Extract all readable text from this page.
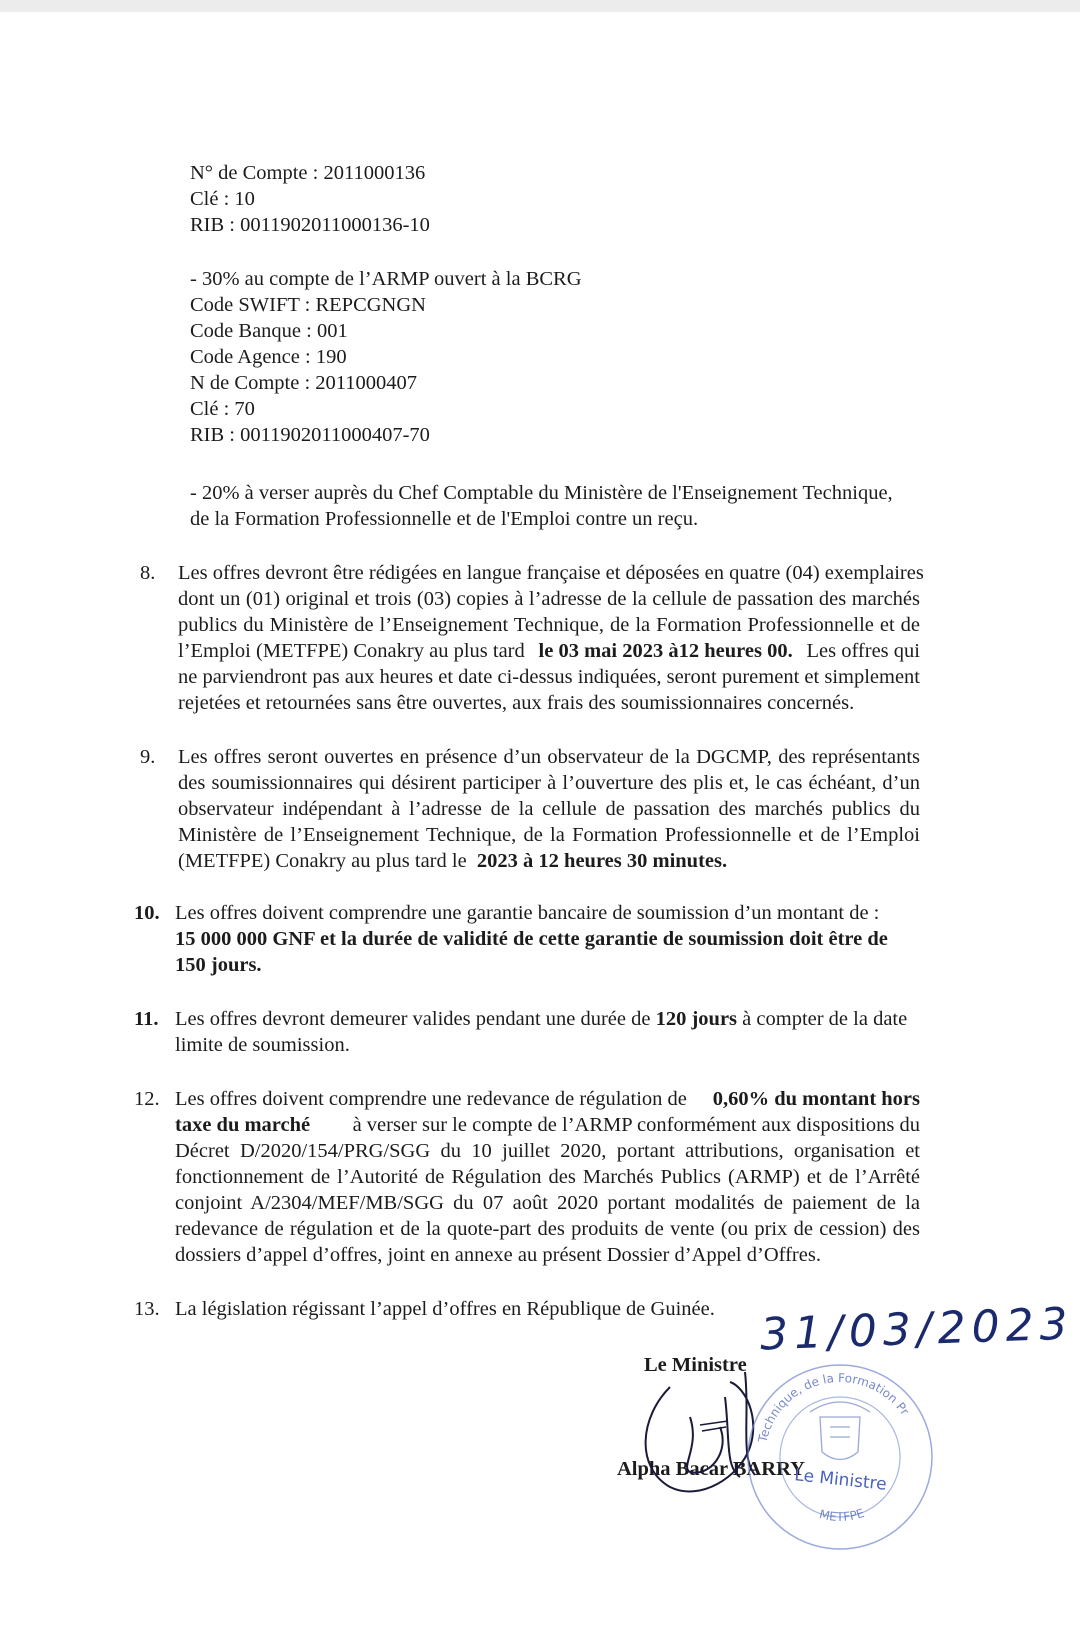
N° de Compte : 2011000136
Clé : 10
RIB : 0011902011000136-10
- 30% au compte de l’ARMP ouvert à la BCRG
Code SWIFT : REPCGNGN
Code Banque : 001
Code Agence : 190
N de Compte : 2011000407
Clé : 70
RIB : 0011902011000407-70
- 20% à verser auprès du Chef Comptable du Ministère de l'Enseignement Technique,
de la Formation Professionnelle et de l'Emploi contre un reçu.
8. Les offres devront être rédigées en langue française et déposées en quatre (04) exemplaires
dont un (01) original et trois (03) copies à l’adresse de la cellule de passation des marchés
publics du Ministère de l’Enseignement Technique, de la Formation Professionnelle et de
l’Emploi (METFPE) Conakry au plus tard le 03 mai 2023 à12 heures 00. Les offres qui
ne parviendront pas aux heures et date ci-dessus indiquées, seront purement et simplement
rejetées et retournées sans être ouvertes, aux frais des soumissionnaires concernés.
9. Les offres seront ouvertes en présence d’un observateur de la DGCMP, des représentants
des soumissionnaires qui désirent participer à l’ouverture des plis et, le cas échéant, d’un
observateur indépendant à l’adresse de la cellule de passation des marchés publics du
Ministère de l’Enseignement Technique, de la Formation Professionnelle et de l’Emploi
(METFPE) Conakry au plus tard le 2023 à 12 heures 30 minutes.
10. Les offres doivent comprendre une garantie bancaire de soumission d’un montant de :
15 000 000 GNF et la durée de validité de cette garantie de soumission doit être de
150 jours.
11. Les offres devront demeurer valides pendant une durée de 120 jours à compter de la date
limite de soumission.
12. Les offres doivent comprendre une redevance de régulation de 0,60% du montant hors
taxe du marché à verser sur le compte de l’ARMP conformément aux dispositions du
Décret D/2020/154/PRG/SGG du 10 juillet 2020, portant attributions, organisation et
fonctionnement de l’Autorité de Régulation des Marchés Publics (ARMP) et de l’Arrêté
conjoint A/2304/MEF/MB/SGG du 07 août 2020 portant modalités de paiement de la
redevance de régulation et de la quote-part des produits de vente (ou prix de cession) des
dossiers d’appel d’offres, joint en annexe au présent Dossier d’Appel d’Offres.
13. La législation régissant l’appel d’offres en République de Guinée. 31/03/2023
Le Ministre
Alpha Bacar BARRY
Technique, de la Formation Pr
METFPE
Le Ministre
